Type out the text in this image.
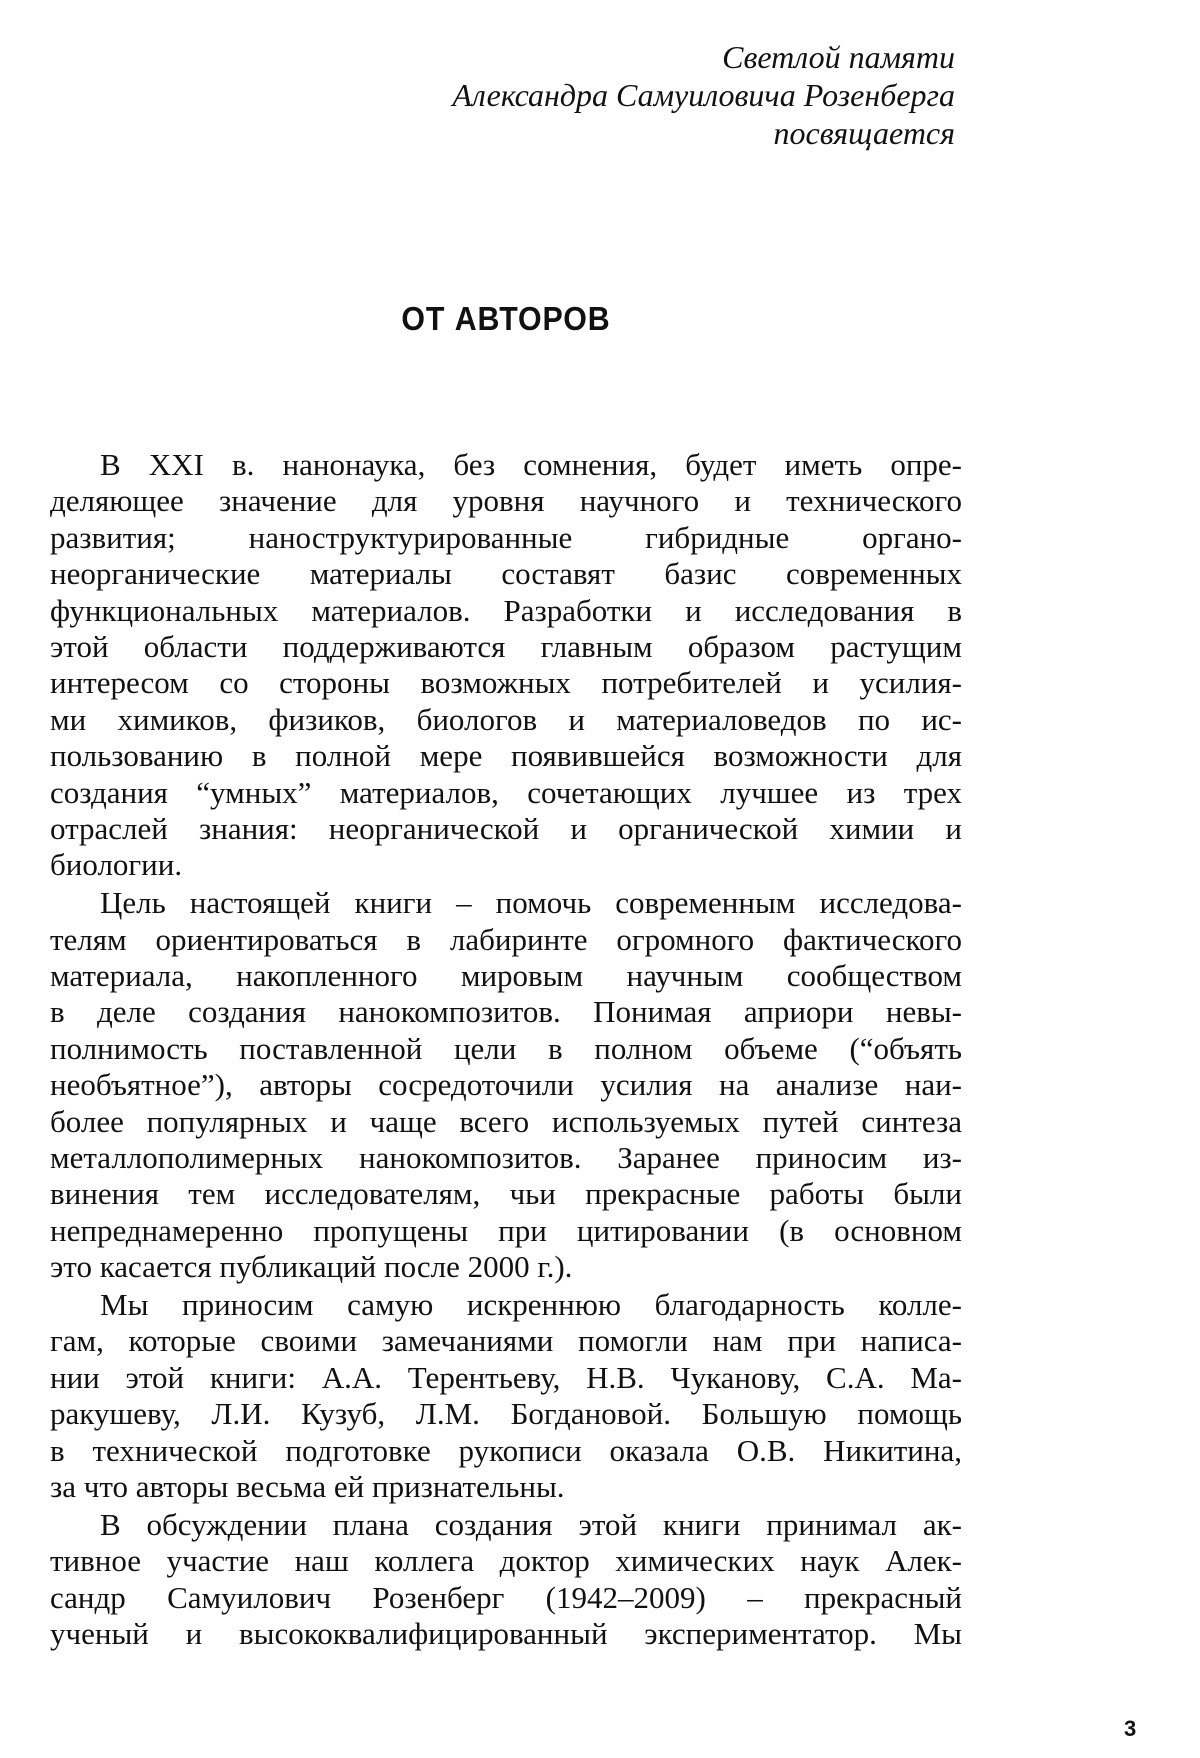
Светлой памяти
Александра Самуиловича Розенберга
посвящается
ОТ АВТОРОВ
В XXI в. нанонаука, без сомнения, будет иметь опре-
деляющее значение для уровня научного и технического
развития; наноструктурированные гибридные органо-
неорганические материалы составят базис современных
функциональных материалов. Разработки и исследования в
этой области поддерживаются главным образом растущим
интересом со стороны возможных потребителей и усилия-
ми химиков, физиков, биологов и материаловедов по ис-
пользованию в полной мере появившейся возможности для
создания “умных” материалов, сочетающих лучшее из трех
отраслей знания: неорганической и органической химии и
биологии.
Цель настоящей книги – помочь современным исследова-
телям ориентироваться в лабиринте огромного фактического
материала, накопленного мировым научным сообществом
в деле создания нанокомпозитов. Понимая априори невы-
полнимость поставленной цели в полном объеме (“объять
необъятное”), авторы сосредоточили усилия на анализе наи-
более популярных и чаще всего используемых путей синтеза
металлополимерных нанокомпозитов. Заранее приносим из-
винения тем исследователям, чьи прекрасные работы были
непреднамеренно пропущены при цитировании (в основном
это касается публикаций после 2000 г.).
Мы приносим самую искреннюю благодарность колле-
гам, которые своими замечаниями помогли нам при написа-
нии этой книги: А.А. Терентьеву, Н.В. Чуканову, С.А. Ма-
ракушеву, Л.И. Кузуб, Л.М. Богдановой. Большую помощь
в технической подготовке рукописи оказала О.В. Никитина,
за что авторы весьма ей признательны.
В обсуждении плана создания этой книги принимал ак-
тивное участие наш коллега доктор химических наук Алек-
сандр Самуилович Розенберг (1942–2009) – прекрасный
ученый и высококвалифицированный экспериментатор. Мы
3
